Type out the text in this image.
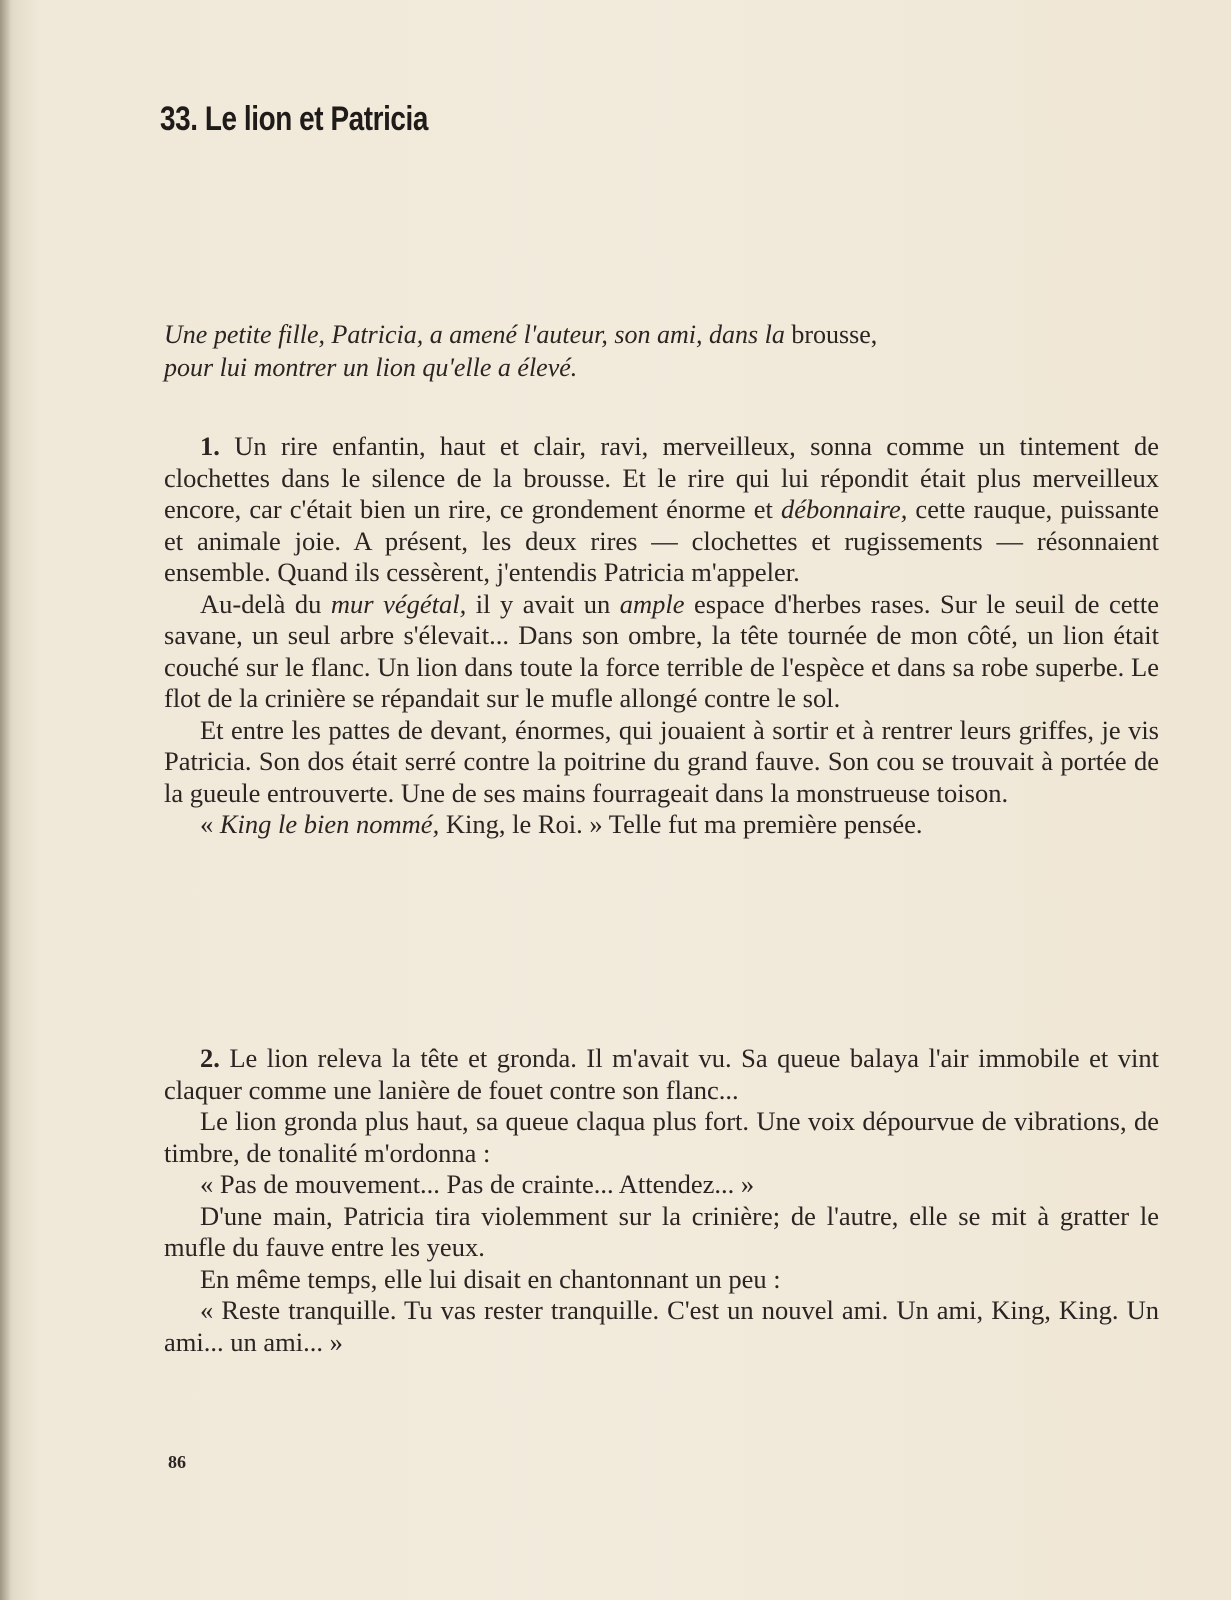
33. Le lion et Patricia
Une petite fille, Patricia, a amené l'auteur, son ami, dans la brousse,
pour lui montrer un lion qu'elle a élevé.

1. Un rire enfantin, haut et clair, ravi, merveilleux, sonna comme un tintement de clochettes dans le silence de la brousse. Et le rire qui lui répondit était plus merveilleux encore, car c'était bien un rire, ce grondement énorme et débonnaire, cette rauque, puissante et animale joie. A présent, les deux rires — clochettes et rugissements — résonnaient ensemble. Quand ils cessèrent, j'entendis Patricia m'appeler.

Au-delà du mur végétal, il y avait un ample espace d'herbes rases. Sur le seuil de cette savane, un seul arbre s'élevait... Dans son ombre, la tête tournée de mon côté, un lion était couché sur le flanc. Un lion dans toute la force terrible de l'espèce et dans sa robe superbe. Le flot de la crinière se répandait sur le mufle allongé contre le sol.

Et entre les pattes de devant, énormes, qui jouaient à sortir et à rentrer leurs griffes, je vis Patricia. Son dos était serré contre la poitrine du grand fauve. Son cou se trouvait à portée de la gueule entrouverte. Une de ses mains fourrageait dans la monstrueuse toison.

« King le bien nommé, King, le Roi. » Telle fut ma première pensée.

2. Le lion releva la tête et gronda. Il m'avait vu. Sa queue balaya l'air immobile et vint claquer comme une lanière de fouet contre son flanc...

Le lion gronda plus haut, sa queue claqua plus fort. Une voix dépourvue de vibrations, de timbre, de tonalité m'ordonna :

« Pas de mouvement... Pas de crainte... Attendez... »

D'une main, Patricia tira violemment sur la crinière; de l'autre, elle se mit à gratter le mufle du fauve entre les yeux.

En même temps, elle lui disait en chantonnant un peu :

« Reste tranquille. Tu vas rester tranquille. C'est un nouvel ami. Un ami, King, King. Un ami... un ami... »

86
